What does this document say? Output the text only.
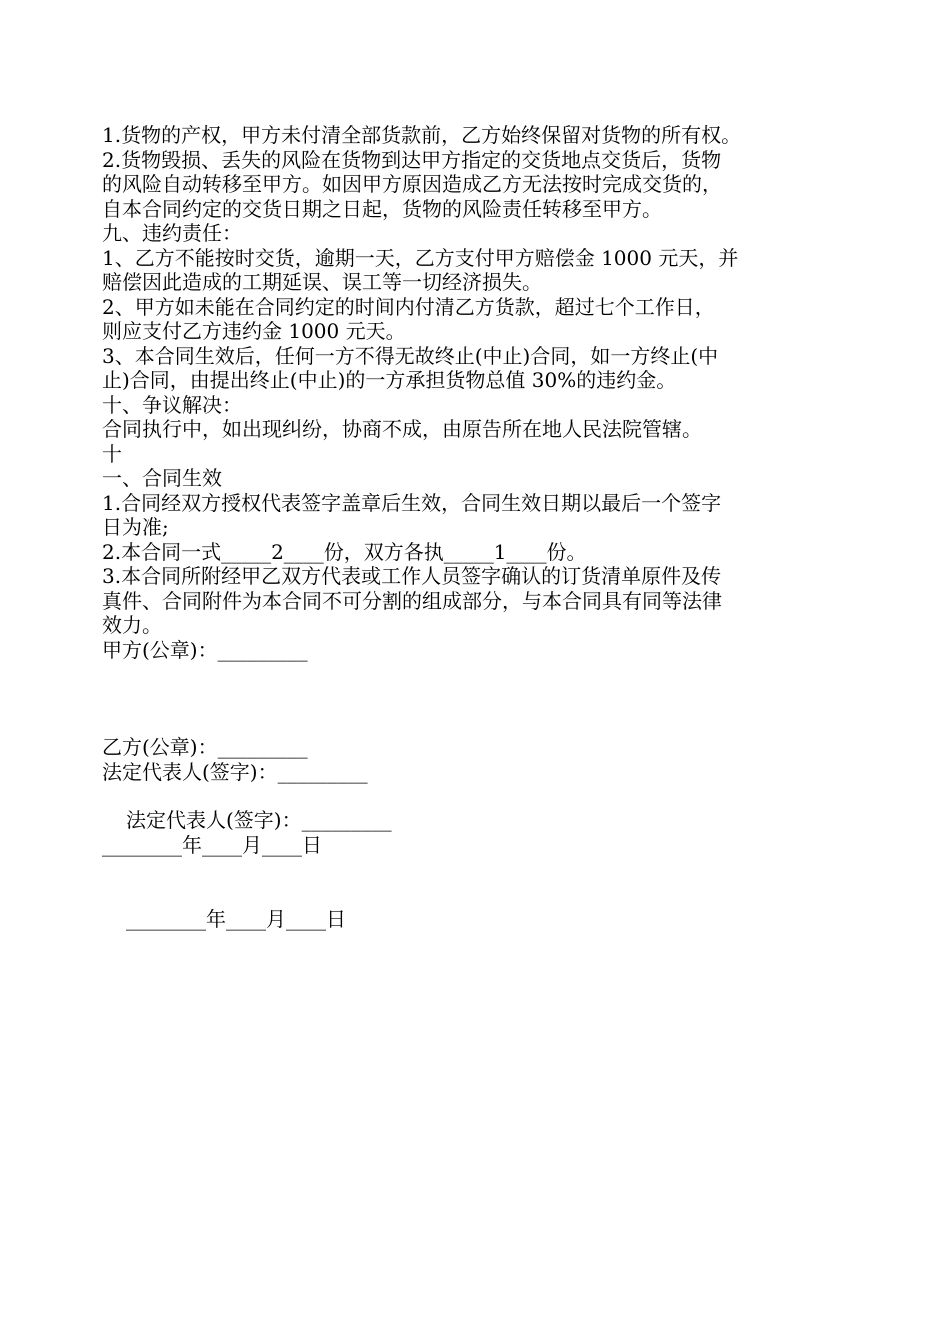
1.货物的产权，甲方未付清全部货款前，乙方始终保留对货物的所有权。
2.货物毁损、丢失的风险在货物到达甲方指定的交货地点交货后，货物
的风险自动转移至甲方。如因甲方原因造成乙方无法按时完成交货的，
自本合同约定的交货日期之日起，货物的风险责任转移至甲方。
九、违约责任：
1、乙方不能按时交货，逾期一天，乙方支付甲方赔偿金 1000 元天，并
赔偿因此造成的工期延误、误工等一切经济损失。
2、甲方如未能在合同约定的时间内付清乙方货款，超过七个工作日，
则应支付乙方违约金 1000 元天。
3、本合同生效后，任何一方不得无故终止(中止)合同，如一方终止(中
止)合同，由提出终止(中止)的一方承担货物总值 30%的违约金。
十、争议解决：
合同执行中，如出现纠纷，协商不成，由原告所在地人民法院管辖。
十
一、合同生效
1.合同经双方授权代表签字盖章后生效，合同生效日期以最后一个签字
日为准;
2.本合同一式_____2____份，双方各执_____1____份。
3.本合同所附经甲乙双方代表或工作人员签字确认的订货清单原件及传
真件、合同附件为本合同不可分割的组成部分，与本合同具有同等法律
效力。
甲方(公章)：_________
乙方(公章)：_________
法定代表人(签字)：_________
法定代表人(签字)：_________
________年____月____日
________年____月____日
